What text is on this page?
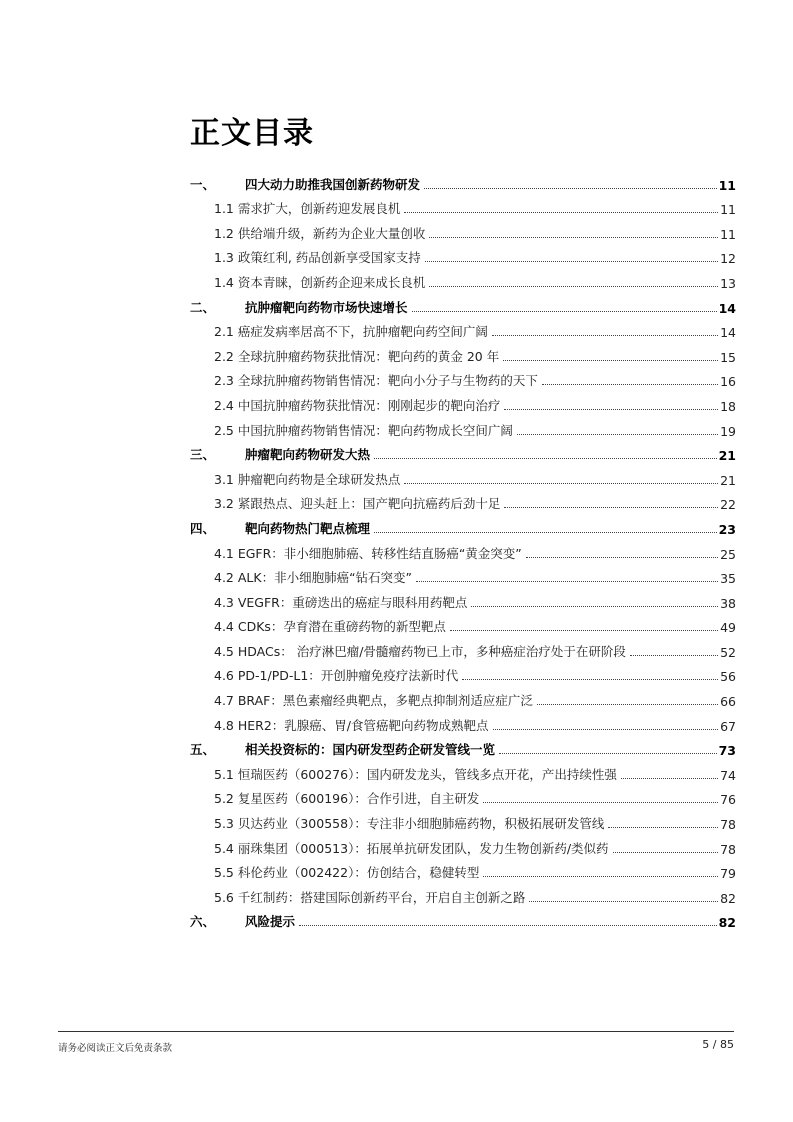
正文目录
一、	四大动力助推我国创新药物研发	11
1.1 需求扩大，创新药迎发展良机	11
1.2 供给端升级，新药为企业大量创收	11
1.3 政策红利, 药品创新享受国家支持	12
1.4 资本青睐，创新药企迎来成长良机	13
二、	抗肿瘤靶向药物市场快速增长	14
2.1 癌症发病率居高不下，抗肿瘤靶向药空间广阔	14
2.2 全球抗肿瘤药物获批情况：靶向药的黄金 20 年	15
2.3 全球抗肿瘤药物销售情况：靶向小分子与生物药的天下	16
2.4 中国抗肿瘤药物获批情况：刚刚起步的靶向治疗	18
2.5 中国抗肿瘤药物销售情况：靶向药物成长空间广阔	19
三、	肿瘤靶向药物研发大热	21
3.1 肿瘤靶向药物是全球研发热点	21
3.2 紧跟热点、迎头赶上：国产靶向抗癌药后劲十足	22
四、	靶向药物热门靶点梳理	23
4.1 EGFR：非小细胞肺癌、转移性结直肠癌“黄金突变”	25
4.2 ALK：非小细胞肺癌“钻石突变”	35
4.3 VEGFR：重磅迭出的癌症与眼科用药靶点	38
4.4 CDKs：孕育潜在重磅药物的新型靶点	49
4.5 HDACs： 治疗淋巴瘤/骨髓瘤药物已上市，多种癌症治疗处于在研阶段	52
4.6 PD-1/PD-L1：开创肿瘤免疫疗法新时代	56
4.7 BRAF：黑色素瘤经典靶点，多靶点抑制剂适应症广泛	66
4.8 HER2：乳腺癌、胃/食管癌靶向药物成熟靶点	67
五、	相关投资标的：国内研发型药企研发管线一览	73
5.1 恒瑞医药（600276）：国内研发龙头，管线多点开花，产出持续性强	74
5.2 复星医药（600196）：合作引进，自主研发	76
5.3 贝达药业（300558）：专注非小细胞肺癌药物，积极拓展研发管线	78
5.4 丽珠集团（000513）：拓展单抗研发团队，发力生物创新药/类似药	78
5.5 科伦药业（002422）：仿创结合，稳健转型	79
5.6 千红制药：搭建国际创新药平台，开启自主创新之路	82
六、	风险提示	82
请务必阅读正文后免责条款	5 / 85
